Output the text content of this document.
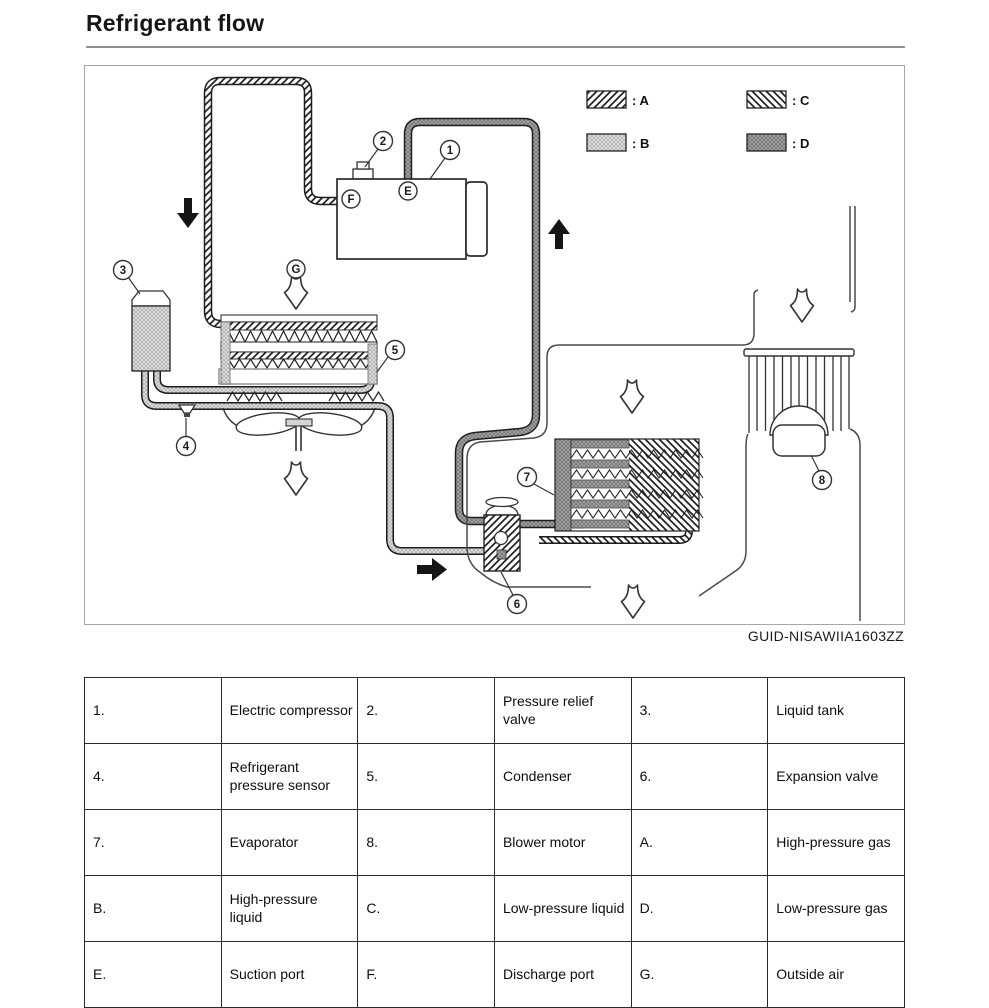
Refrigerant flow
1
2
3
4
5
6
7	8
E
F
G
: A
: B
: C
: D
GUID-NISAWIIA1603ZZ
1.	Electric compressor	2.	Pressure relief valve	3.	Liquid tank
4.	Refrigerant pressure sensor	5.	Condenser	6.	Expansion valve
7.	Evaporator	8.	Blower motor	A.	High-pressure gas
B.	High-pressure liquid	C.	Low-pressure liquid	D.	Low-pressure gas
E.	Suction port	F.	Discharge port	G.	Outside air
